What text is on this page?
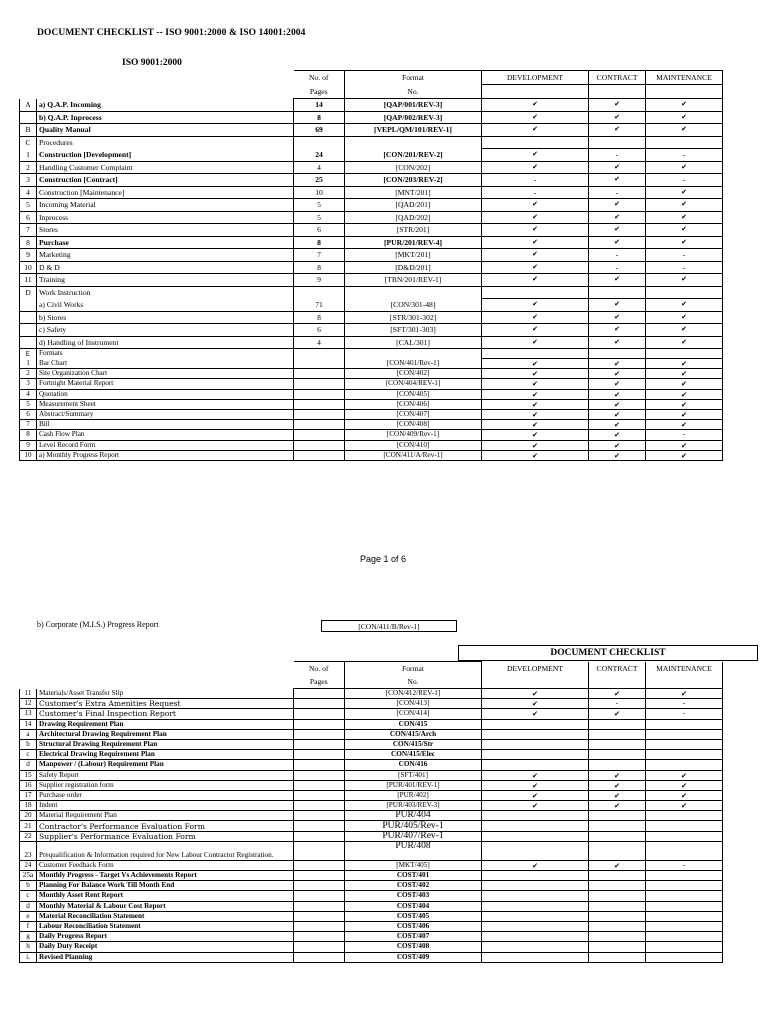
DOCUMENT CHECKLIST -- ISO 9001:2000 & ISO 14001:2004
ISO 9001:2000
		No. of	Format	DEVELOPMENT	CONTRACT	MAINTENANCE
		Pages	No.			
A	a) Q.A.P. Incoming	14	[QAP/001/REV-3]	✔	✔	✔
	b) Q.A.P. Inprocess	8	[QAP/002/REV-3]	✔	✔	✔
B	Quality Manual	69	[VEPL/QM/101/REV-1]	✔	✔	✔
C	Procedures					
1	Construction [Development]	24	[CON/201/REV-2]	✔	-	-
2	Handling Customer Complaint	4	[CON/202]	✔	✔	✔
3	Construction [Contract]	25	[CON/203/REV-2]	-	✔	-
4	Construction [Maintenance]	10	[MNT/201]	-	-	✔
5	Incoming Material	5	[QAD/201]	✔	✔	✔
6	Inprocess	5	[QAD/202]	✔	✔	✔
7	Stores	6	[STR/201]	✔	✔	✔
8	Purchase	8	[PUR/201/REV-4]	✔	✔	✔
9	Marketing	7	[MKT/201]	✔	-	-
10	D & D	8	[D&D/201]	✔	-	-
11	Training	9	[TRN/201/REV-1]	✔	✔	✔
D	Work Instruction					
	a) Civil Works	71	[CON/301-48]	✔	✔	✔
	b) Stores	8	[STR/301-302]	✔	✔	✔
	c) Safety	6	[SFT/301-303]	✔	✔	✔
	d) Handling of Instrument	4	[CAL/301]	✔	✔	✔
E	Formats					
1	Bar Chart		[CON/401/Rev-1]	✔	✔	✔
2	Site Organization Chart		[CON/402]	✔	✔	✔
3	Fortnight Material Report		[CON/404/REV-1]	✔	✔	✔
4	Quotation		[CON/405]	✔	✔	✔
5	Measurement Sheet		[CON/406]	✔	✔	✔
6	Abstract/Summary		[CON/407]	✔	✔	✔
7	Bill		[CON/408]	✔	✔	✔
8	Cash Flow Plan		[CON/409/Rev-1]	✔	✔	-
9	Level Record Form		[CON/410]	✔	✔	✔
10	a) Monthly Progress Report		[CON/411/A/Rev-1]	✔	✔	✔
Page 1 of 6
b) Corporate (M.I.S.) Progress Report	[CON/411/B/Rev-1]
DOCUMENT CHECKLIST
		No. of	Format	DEVELOPMENT	CONTRACT	MAINTENANCE
		Pages	No.			
11	Materials/Asset Transfer Slip		[CON/412/REV-1]	✔	✔	✔
12	Customer's Extra Amenities Request		[CON/413]	✔	-	-
13	Customer's Final Inspection Report		[CON/414]	✔	✔	-
14	Drawing Requirement Plan		CON/415			
a	Architectural Drawing Requirement Plan		CON/415/Arch			
b	Structural Drawing Requirement Plan		CON/415/Str			
c	Electrical Drawing Requirement Plan		CON/415/Elec			
d	Manpower / (Labour) Requirement Plan		CON/416			
15	Safety Report		[SFT/401]	✔	✔	✔
16	Supplier registration form		[PUR/401/REV-1]	✔	✔	✔
17	Purchase order		[PUR/402]	✔	✔	✔
18	Indent		[PUR/403/REV-3]	✔	✔	✔
20	Material Requirement Plan		PUR/404			
21	Contractor's Performance Evaluation Form		PUR/405/Rev-1			
22	Supplier's Performance Evaluation Form		PUR/407/Rev-1			
23	Prequalification & Information required for New Labour Contractor Registration.		PUR/408			
24	Customer Feedback Form		[MKT/405]	✔	✔	-
25a	Monthly Progress - Target Vs Achievements Report		COST/401			
b	Planning For Balance Work Till Month End		COST/402			
c	Monthly Asset Rent Report		COST/403			
d	Monthly Material & Labour Cost Report		COST/404			
e	Material Reconciliation Statement		COST/405			
f	Labour Reconciliation Statement		COST/406			
g	Daily Progress Report		COST/407			
h	Daily Duty Receipt		COST/408			
i.	Revised Planning		COST/409			
